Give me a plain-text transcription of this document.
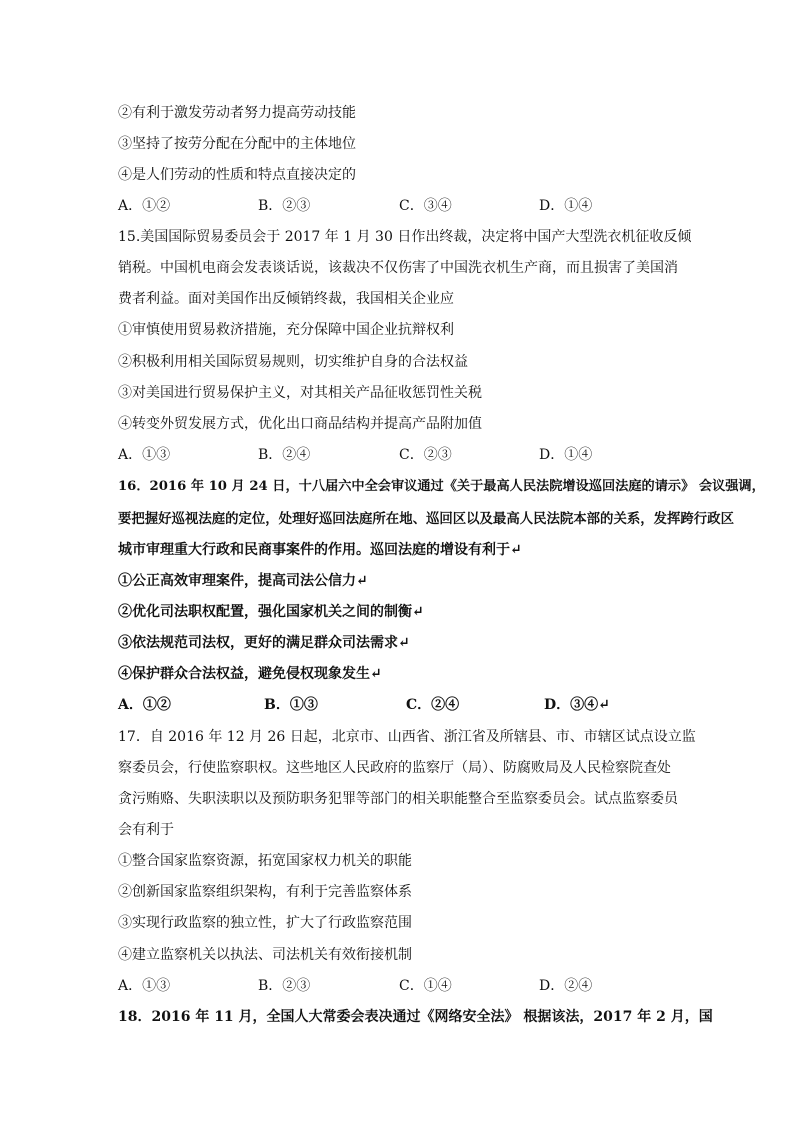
②有利于激发劳动者努力提高劳动技能
③坚持了按劳分配在分配中的主体地位
④是人们劳动的性质和特点直接决定的
A．①②	B．②③	C．③④	D．①④
15.美国国际贸易委员会于 2017 年 1 月 30 日作出终裁，决定将中国产大型洗衣机征收反倾
销税。中国机电商会发表谈话说，该裁决不仅伤害了中国洗衣机生产商，而且损害了美国消
费者利益。面对美国作出反倾销终裁，我国相关企业应
①审慎使用贸易救济措施，充分保障中国企业抗辩权利
②积极利用相关国际贸易规则，切实维护自身的合法权益
③对美国进行贸易保护主义，对其相关产品征收惩罚性关税
④转变外贸发展方式，优化出口商品结构并提高产品附加值
A．①③	B．②④	C．②③	D．①④
16．2016 年 10 月 24 日，十八届六中全会审议通过《关于最高人民法院增设巡回法庭的请示》 会议强调，
要把握好巡视法庭的定位，处理好巡回法庭所在地、巡回区以及最高人民法院本部的关系，发挥跨行政区
城市审理重大行政和民商事案件的作用。巡回法庭的增设有利于↵
①公正高效审理案件，提高司法公信力↵
②优化司法职权配置，强化国家机关之间的制衡↵
③依法规范司法权，更好的满足群众司法需求↵
④保护群众合法权益，避免侵权现象发生↵
A．①②	B．①③	C．②④	D．③④↵
17．自 2016 年 12 月 26 日起，北京市、山西省、浙江省及所辖县、市、市辖区试点设立监
察委员会，行使监察职权。这些地区人民政府的监察厅（局）、防腐败局及人民检察院查处
贪污贿赂、失职渎职以及预防职务犯罪等部门的相关职能整合至监察委员会。试点监察委员
会有利于
①整合国家监察资源，拓宽国家权力机关的职能
②创新国家监察组织架构，有利于完善监察体系
③实现行政监察的独立性，扩大了行政监察范围
④建立监察机关以执法、司法机关有效衔接机制
A．①③	B．②③	C．①④	D．②④
18．2016 年 11 月，全国人大常委会表决通过《网络安全法》 根据该法，2017 年 2 月，国
